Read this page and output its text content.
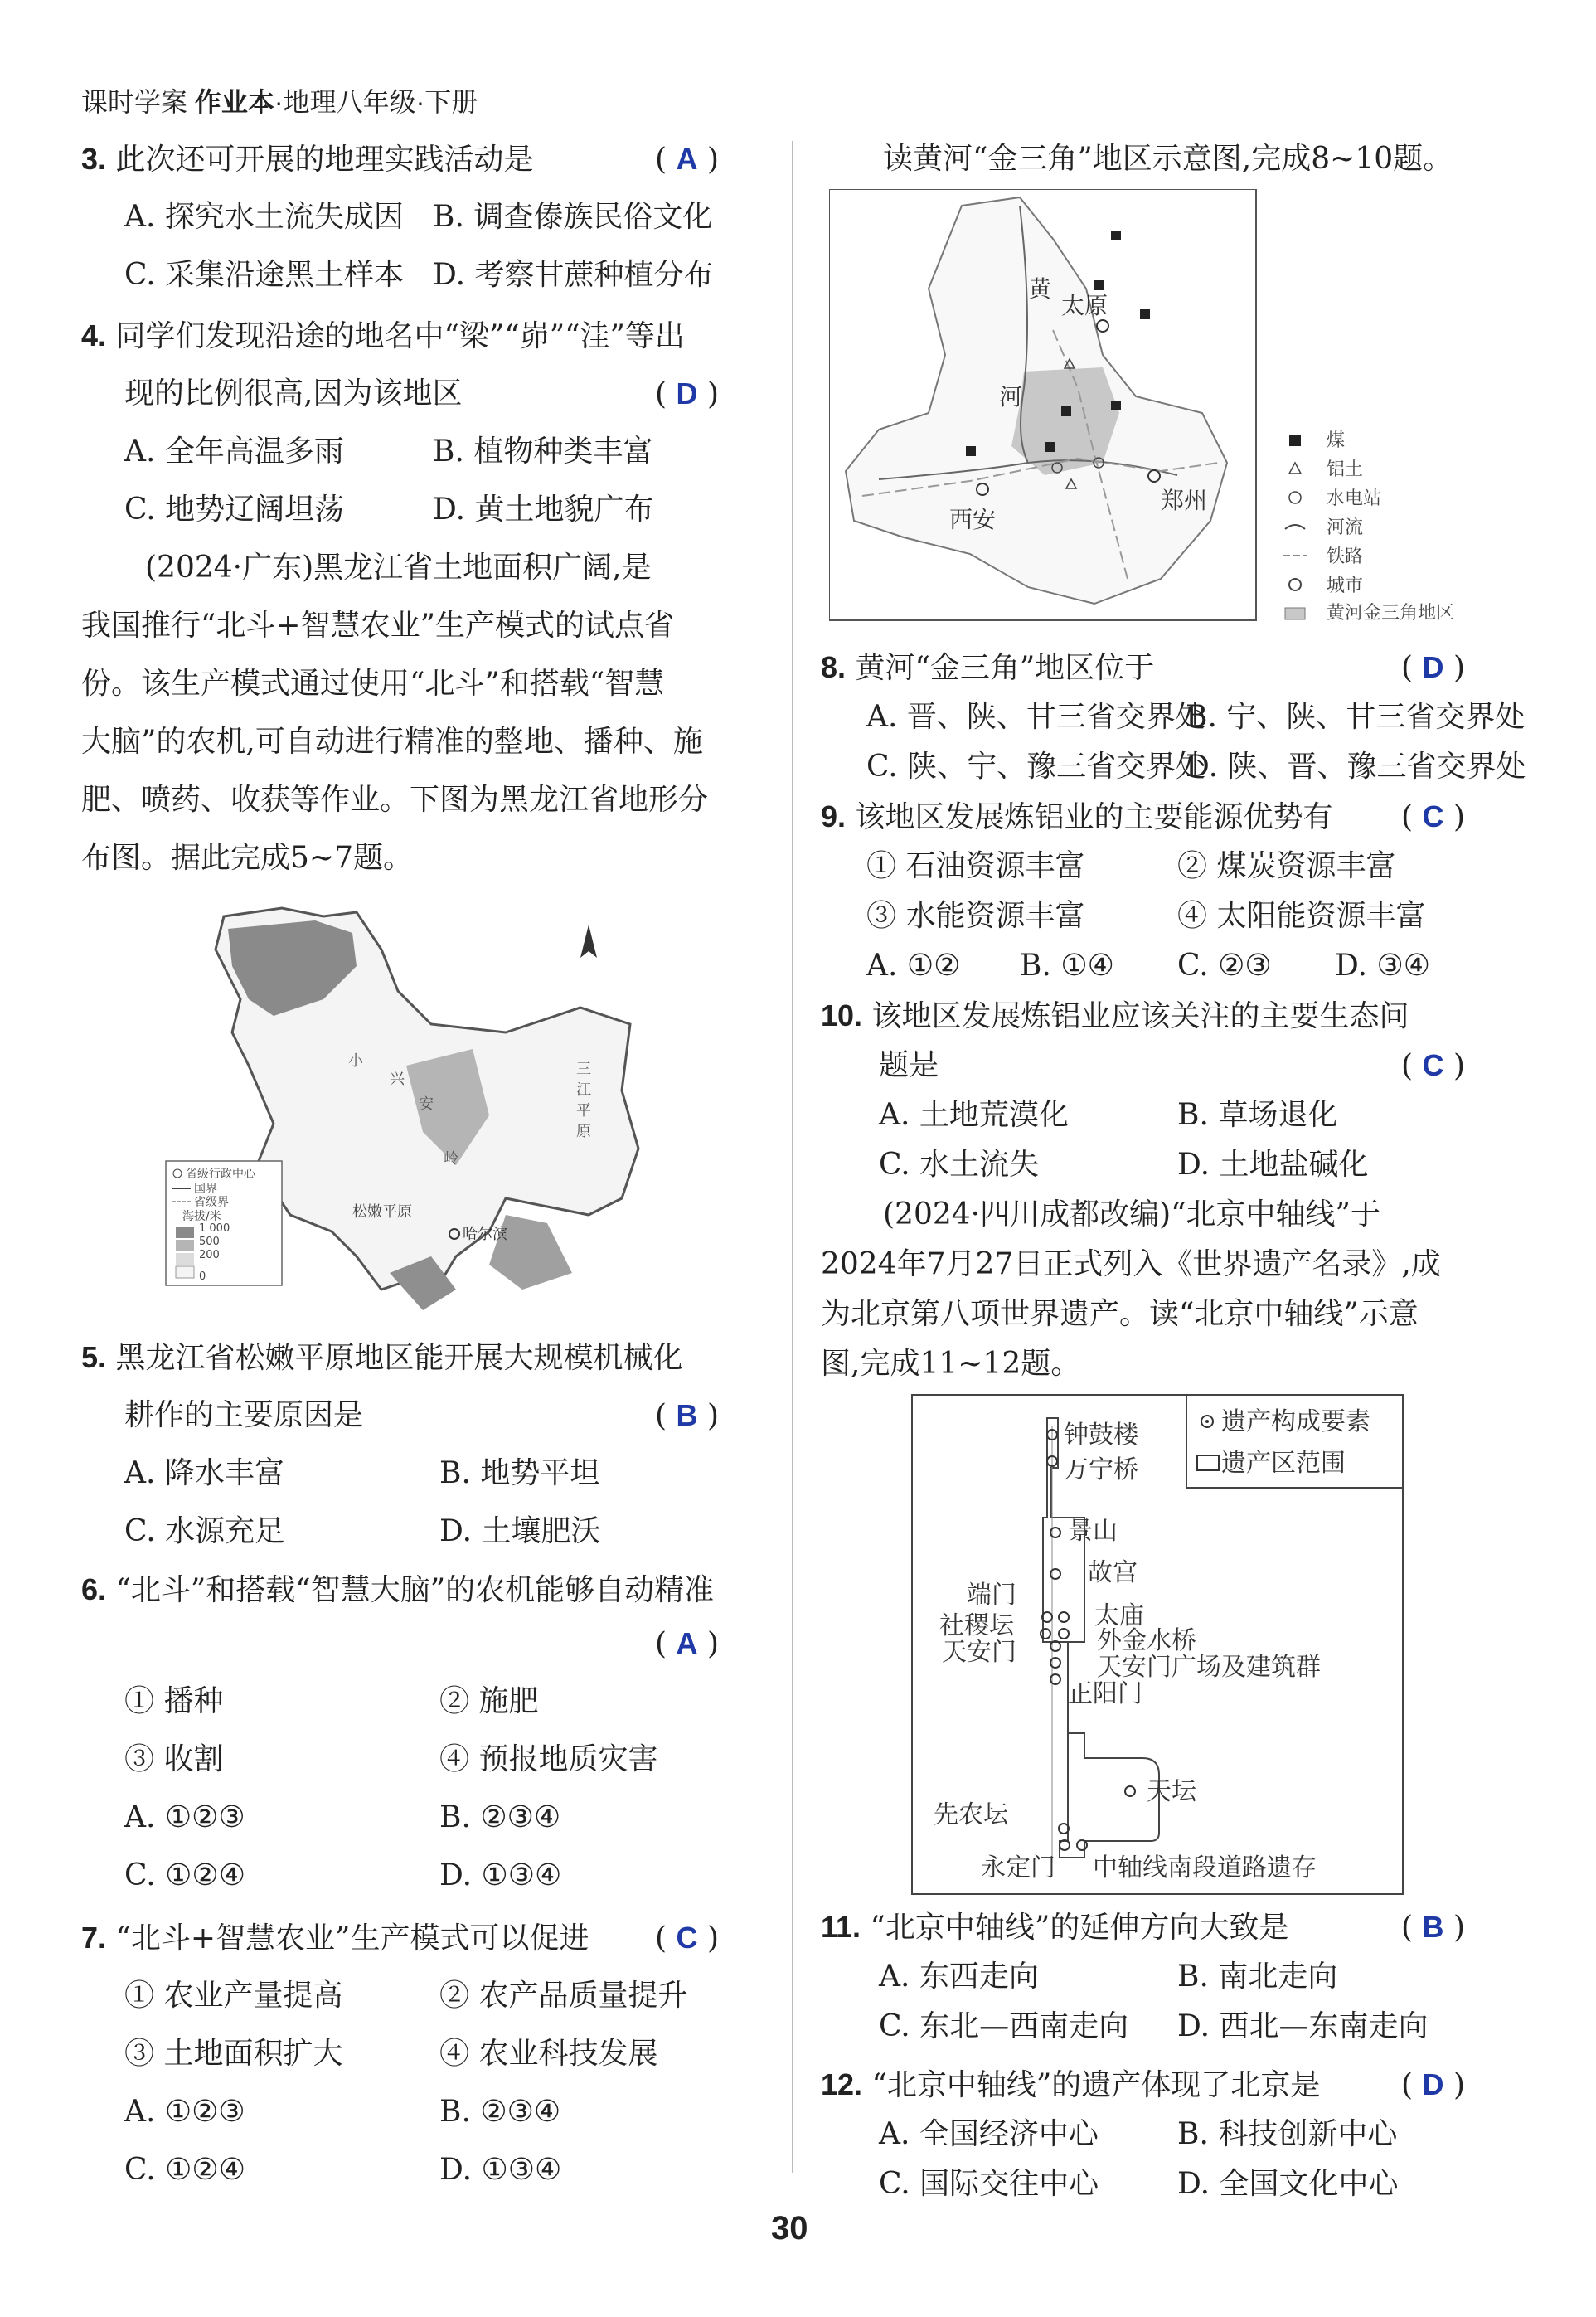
课时学案 作业本·地理八年级·下册
3. 此次还可开展的地理实践活动是	( A )
A. 探究水土流失成因 B. 调查傣族民俗文化
C. 采集沿途黑土样本 D. 考察甘蔗种植分布
4. 同学们发现沿途的地名中“梁”“峁”“洼”等出
现的比例很高,因为该地区	( D )
A. 全年高温多雨	B. 植物种类丰富
C. 地势辽阔坦荡	D. 黄土地貌广布
(2024·广东)黑龙江省土地面积广阔,是
我国推行“北斗+智慧农业”生产模式的试点省
份。该生产模式通过使用“北斗”和搭载“智慧
大脑”的农机,可自动进行精准的整地、播种、施
肥、喷药、收获等作业。下图为黑龙江省地形分
布图。据此完成5~7题。
小
兴
安
岭
三
江
平
原
松嫩平原
哈尔滨
省级行政中心
国界
省级界
海拔/米
1 000
500
200
0
5. 黑龙江省松嫩平原地区能开展大规模机械化
耕作的主要原因是	( B )
A. 降水丰富	B. 地势平坦
C. 水源充足	D. 土壤肥沃
6. “北斗”和搭载“智慧大脑”的农机能够自动精准
( A )
① 播种	② 施肥
③ 收割	④ 预报地质灾害
A. ①②③	B. ②③④
C. ①②④	D. ①③④
7. “北斗+智慧农业”生产模式可以促进 ( C )
① 农业产量提高	② 农产品质量提升
③ 土地面积扩大	④ 农业科技发展
A. ①②③	B. ②③④
C. ①②④	D. ①③④
读黄河“金三角”地区示意图,完成8~10题。
黄
河
太原
西安
郑州
煤
铝土
水电站
河流
铁路
城市
黄河金三角地区
8. 黄河“金三角”地区位于	( D )
A. 晋、陕、甘三省交界处
B. 宁、陕、甘三省交界处
C. 陕、宁、豫三省交界处
D. 陕、晋、豫三省交界处
9. 该地区发展炼铝业的主要能源优势有 ( C )
① 石油资源丰富	② 煤炭资源丰富
③ 水能资源丰富	④ 太阳能资源丰富
A. ①② B. ①④ C. ②③ D. ③④
10. 该地区发展炼铝业应该关注的主要生态问
题是	( C )
A. 土地荒漠化	B. 草场退化
C. 水土流失	D. 土地盐碱化
(2024·四川成都改编)“北京中轴线”于
2024年7月27日正式列入《世界遗产名录》,成
为北京第八项世界遗产。读“北京中轴线”示意
图,完成11~12题。
遗产构成要素
遗产区范围
钟鼓楼
万宁桥
景山
故宫
端门
太庙
社稷坛
外金水桥
天安门
天安门广场及建筑群
正阳门
天坛
先农坛
永定门 中轴线南段道路遗存
11. “北京中轴线”的延伸方向大致是	( B )
A. 东西走向	B. 南北走向
C. 东北—西南走向 D. 西北—东南走向
12. “北京中轴线”的遗产体现了北京是	( D )
A. 全国经济中心	B. 科技创新中心
C. 国际交往中心	D. 全国文化中心
30
